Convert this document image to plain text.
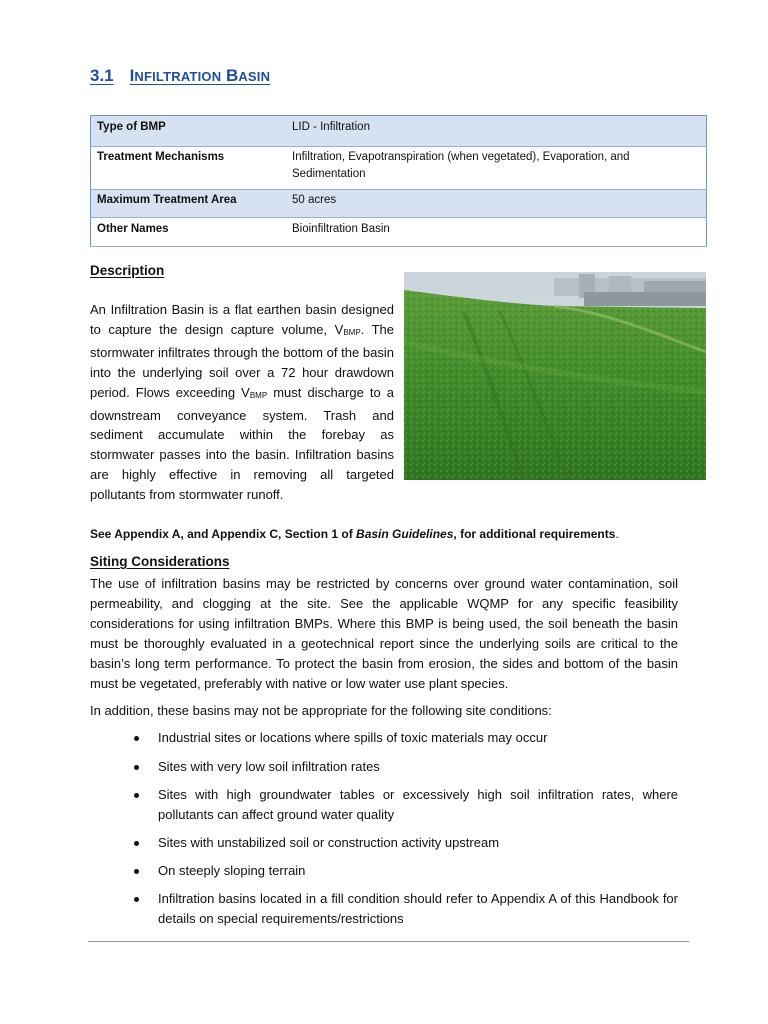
3.1 INFILTRATION BASIN
Type of BMP	LID - Infiltration
Treatment Mechanisms	Infiltration, Evapotranspiration (when vegetated), Evaporation, and Sedimentation
Maximum Treatment Area	50 acres
Other Names	Bioinfiltration Basin
Description

An Infiltration Basin is a flat earthen basin designed to capture the design capture volume, $V_{BMP}$. The stormwater infiltrates through the bottom of the basin into the underlying soil over a 72 hour drawdown period. Flows exceeding $V_{BMP}$ must discharge to a downstream conveyance system. Trash and sediment accumulate within the forebay as stormwater passes into the basin. Infiltration basins are highly effective in removing all targeted pollutants from stormwater runoff.

See Appendix A, and Appendix C, Section 1 of Basin Guidelines, for additional requirements.

Siting Considerations

The use of infiltration basins may be restricted by concerns over ground water contamination, soil permeability, and clogging at the site. See the applicable WQMP for any specific feasibility considerations for using infiltration BMPs. Where this BMP is being used, the soil beneath the basin must be thoroughly evaluated in a geotechnical report since the underlying soils are critical to the basin’s long term performance. To protect the basin from erosion, the sides and bottom of the basin must be vegetated, preferably with native or low water use plant species.

In addition, these basins may not be appropriate for the following site conditions:

Industrial sites or locations where spills of toxic materials may occur
Sites with very low soil infiltration rates
Sites with high groundwater tables or excessively high soil infiltration rates, where pollutants can affect ground water quality
Sites with unstabilized soil or construction activity upstream
On steeply sloping terrain
Infiltration basins located in a fill condition should refer to Appendix A of this Handbook for details on special requirements/restrictions
